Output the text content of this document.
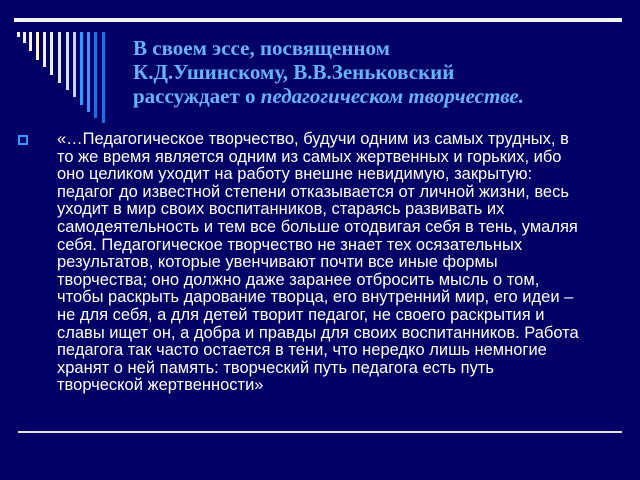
В своем эссе, посвященном
К.Д.Ушинскому, В.В.Зеньковский
рассуждает о педагогическом творчестве.
«…Педагогическое творчество, будучи одним из самых трудных, в
то же время является одним из самых жертвенных и горьких, ибо
оно целиком уходит на работу внешне невидимую, закрытую:
педагог до известной степени отказывается от личной жизни, весь
уходит в мир своих воспитанников, стараясь развивать их
самодеятельность и тем все больше отодвигая себя в тень, умаляя
себя. Педагогическое творчество не знает тех осязательных
результатов, которые увенчивают почти все иные формы
творчества; оно должно даже заранее отбросить мысль о том,
чтобы раскрыть дарование творца, его внутренний мир, его идеи –
не для себя, а для детей творит педагог, не своего раскрытия и
славы ищет он, а добра и правды для своих воспитанников. Работа
педагога так часто остается в тени, что нередко лишь немногие
хранят о ней память: творческий путь педагога есть путь
творческой жертвенности»
